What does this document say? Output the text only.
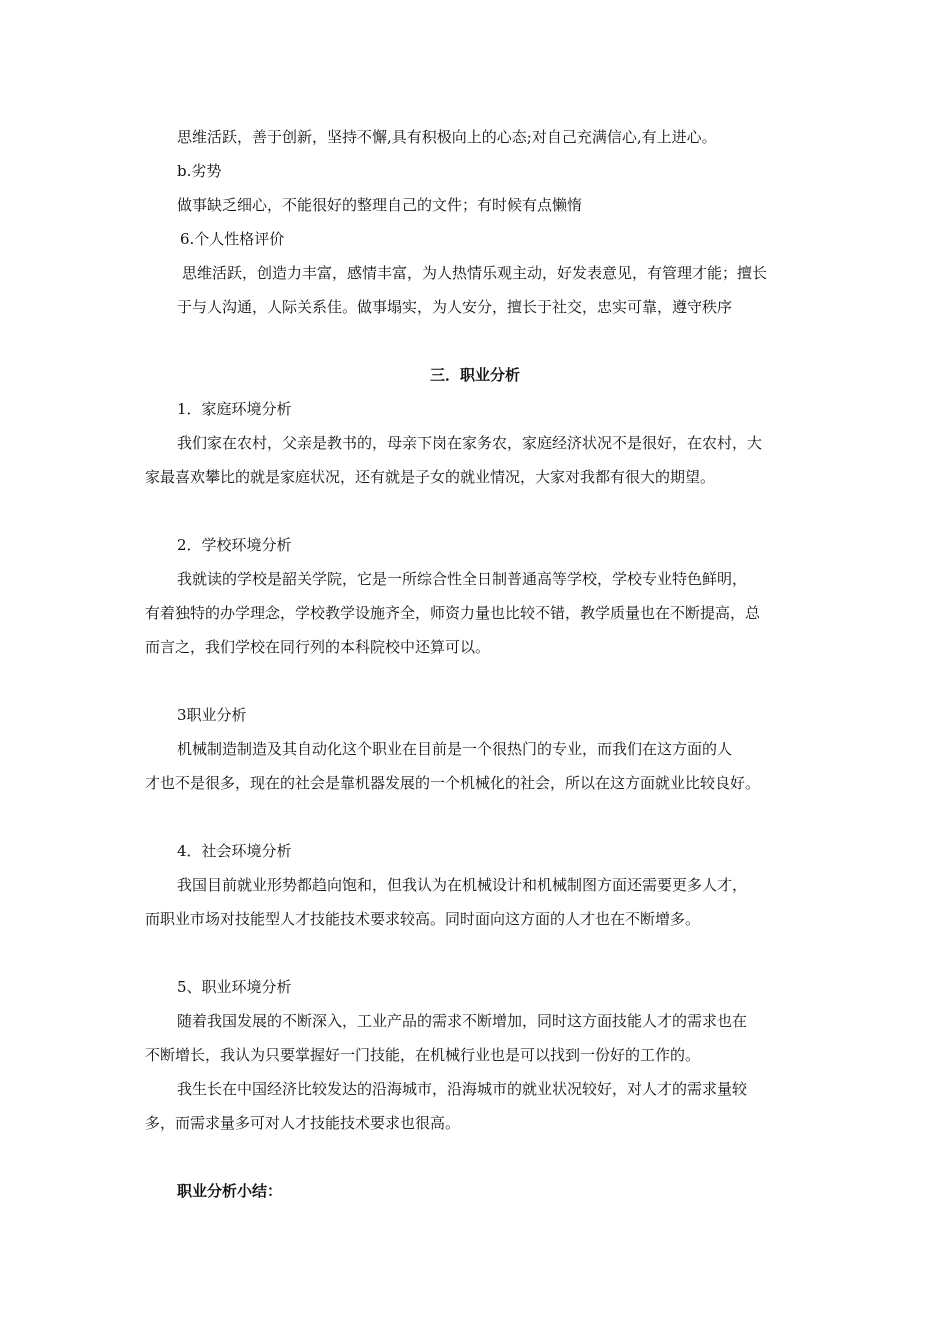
思维活跃，善于创新，坚持不懈,具有积极向上的心态;对自己充满信心,有上进心。
b.劣势
做事缺乏细心，不能很好的整理自己的文件；有时候有点懒惰
6.个人性格评价
思维活跃，创造力丰富，感情丰富，为人热情乐观主动，好发表意见，有管理才能；擅长
于与人沟通，人际关系佳。做事塌实，为人安分，擅长于社交，忠实可靠，遵守秩序
三．职业分析
1．家庭环境分析
我们家在农村，父亲是教书的，母亲下岗在家务农，家庭经济状况不是很好，在农村，大
家最喜欢攀比的就是家庭状况，还有就是子女的就业情况，大家对我都有很大的期望。
2．学校环境分析
我就读的学校是韶关学院，它是一所综合性全日制普通高等学校，学校专业特色鲜明，
有着独特的办学理念，学校教学设施齐全，师资力量也比较不错，教学质量也在不断提高，总
而言之，我们学校在同行列的本科院校中还算可以。
3职业分析
机械制造制造及其自动化这个职业在目前是一个很热门的专业，而我们在这方面的人
才也不是很多，现在的社会是靠机器发展的一个机械化的社会，所以在这方面就业比较良好。
4．社会环境分析
我国目前就业形势都趋向饱和，但我认为在机械设计和机械制图方面还需要更多人才，
而职业市场对技能型人才技能技术要求较高。同时面向这方面的人才也在不断增多。
5、职业环境分析
随着我国发展的不断深入，工业产品的需求不断增加，同时这方面技能人才的需求也在
不断增长，我认为只要掌握好一门技能，在机械行业也是可以找到一份好的工作的。
我生长在中国经济比较发达的沿海城市，沿海城市的就业状况较好，对人才的需求量较
多，而需求量多可对人才技能技术要求也很高。
职业分析小结：
